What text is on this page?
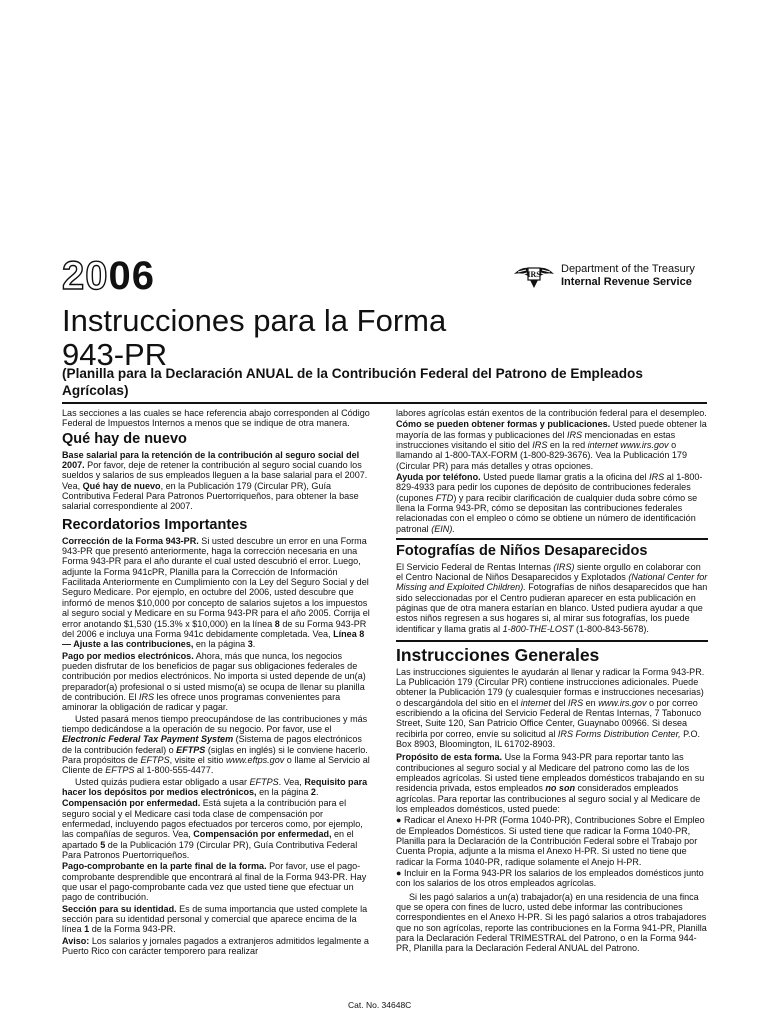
2006	IRS Department of the Treasury
Internal Revenue Service
Instrucciones para la Forma
943-PR
(Planilla para la Declaración ANUAL de la Contribución Federal del Patrono de Empleados Agrícolas)

Las secciones a las cuales se hace referencia abajo corresponden al Código Federal de Impuestos Internos a menos que se indique de otra manera.

Qué hay de nuevo

Base salarial para la retención de la contribución al seguro social del 2007. Por favor, deje de retener la contribución al seguro social cuando los sueldos y salarios de sus empleados lleguen a la base salarial para el 2007. Vea, Qué hay de nuevo, en la Publicación 179 (Circular PR), Guía Contributiva Federal Para Patronos Puertorriqueños, para obtener la base salarial correspondiente al 2007.

Recordatorios Importantes

Corrección de la Forma 943-PR. Si usted descubre un error en una Forma 943-PR que presentó anteriormente, haga la corrección necesaria en una Forma 943-PR para el año durante el cual usted descubrió el error. Luego, adjunte la Forma 941cPR, Planilla para la Corrección de Información Facilitada Anteriormente en Cumplimiento con la Ley del Seguro Social y del Seguro Medicare. Por ejemplo, en octubre del 2006, usted descubre que informó de menos $10,000 por concepto de salarios sujetos a los impuestos al seguro social y Medicare en su Forma 943-PR para el año 2005. Corrija el error anotando $1,530 (15.3% x $10,000) en la línea 8 de su Forma 943-PR del 2006 e incluya una Forma 941c debidamente completada. Vea, Línea 8 — Ajuste a las contribuciones, en la página 3.

Pago por medios electrónicos. Ahora, más que nunca, los negocios pueden disfrutar de los beneficios de pagar sus obligaciones federales de contribución por medios electrónicos. No importa si usted depende de un(a) preparador(a) profesional o si usted mismo(a) se ocupa de llenar su planilla de contribución. El IRS les ofrece unos programas convenientes para aminorar la obligación de radicar y pagar.

Usted pasará menos tiempo preocupándose de las contribuciones y más tiempo dedicándose a la operación de su negocio. Por favor, use el Electronic Federal Tax Payment System (Sistema de pagos electrónicos de la contribución federal) o EFTPS (siglas en inglés) si le conviene hacerlo. Para propósitos de EFTPS, visite el sitio www.eftps.gov o llame al Servicio al Cliente de EFTPS al 1-800-555-4477.

Usted quizás pudiera estar obligado a usar EFTPS. Vea, Requisito para hacer los depósitos por medios electrónicos, en la página 2.

Compensación por enfermedad. Está sujeta a la contribución para el seguro social y el Medicare casi toda clase de compensación por enfermedad, incluyendo pagos efectuados por terceros como, por ejemplo, las compañías de seguros. Vea, Compensación por enfermedad, en el apartado 5 de la Publicación 179 (Circular PR), Guía Contributiva Federal Para Patronos Puertorriqueños.

Pago-comprobante en la parte final de la forma. Por favor, use el pago-comprobante desprendible que encontrará al final de la Forma 943-PR. Hay que usar el pago-comprobante cada vez que usted tiene que efectuar un pago de contribución.

Sección para su identidad. Es de suma importancia que usted complete la sección para su identidad personal y comercial que aparece encima de la línea 1 de la Forma 943-PR.

Aviso: Los salarios y jornales pagados a extranjeros admitidos legalmente a Puerto Rico con carácter temporero para realizar

labores agrícolas están exentos de la contribución federal para el desempleo.

Cómo se pueden obtener formas y publicaciones. Usted puede obtener la mayoría de las formas y publicaciones del IRS mencionadas en estas instrucciones visitando el sitio del IRS en la red internet www.irs.gov o llamando al 1-800-TAX-FORM (1-800-829-3676). Vea la Publicación 179 (Circular PR) para más detalles y otras opciones.

Ayuda por teléfono. Usted puede llamar gratis a la oficina del IRS al 1-800-829-4933 para pedir los cupones de depósito de contribuciones federales (cupones FTD) y para recibir clarificación de cualquier duda sobre cómo se llena la Forma 943-PR, cómo se depositan las contribuciones federales relacionadas con el empleo o cómo se obtiene un número de identificación patronal (EIN).

Fotografías de Niños Desaparecidos

El Servicio Federal de Rentas Internas (IRS) siente orgullo en colaborar con el Centro Nacional de Niños Desaparecidos y Explotados (National Center for Missing and Exploited Children). Fotografías de niños desaparecidos que han sido seleccionadas por el Centro pudieran aparecer en esta publicación en páginas que de otra manera estarían en blanco. Usted pudiera ayudar a que estos niños regresen a sus hogares si, al mirar sus fotografías, los puede identificar y llama gratis al 1-800-THE-LOST (1-800-843-5678).

Instrucciones Generales

Las instrucciones siguientes le ayudarán al llenar y radicar la Forma 943-PR. La Publicación 179 (Circular PR) contiene instrucciones adicionales. Puede obtener la Publicación 179 (y cualesquier formas e instrucciones necesarias) o descargándola del sitio en el internet del IRS en www.irs.gov o por correo escribiendo a la oficina del Servicio Federal de Rentas Internas, 7 Tabonuco Street, Suite 120, San Patricio Office Center, Guaynabo 00966. Si desea recibirla por correo, envíe su solicitud al IRS Forms Distribution Center, P.O. Box 8903, Bloomington, IL 61702-8903.

Propósito de esta forma. Use la Forma 943-PR para reportar tanto las contribuciones al seguro social y al Medicare del patrono como las de los empleados agrícolas. Si usted tiene empleados domésticos trabajando en su residencia privada, estos empleados no son considerados empleados agrícolas. Para reportar las contribuciones al seguro social y al Medicare de los empleados domésticos, usted puede:

● Radicar el Anexo H-PR (Forma 1040-PR), Contribuciones Sobre el Empleo de Empleados Domésticos. Si usted tiene que radicar la Forma 1040-PR, Planilla para la Declaración de la Contribución Federal sobre el Trabajo por Cuenta Propia, adjunte a la misma el Anexo H-PR. Si usted no tiene que radicar la Forma 1040-PR, radique solamente el Anejo H-PR.

● Incluir en la Forma 943-PR los salarios de los empleados domésticos junto con los salarios de los otros empleados agrícolas.

Si les pagó salarios a un(a) trabajador(a) en una residencia de una finca que se opera con fines de lucro, usted debe informar las contribuciones correspondientes en el Anexo H-PR. Si les pagó salarios a otros trabajadores que no son agrícolas, reporte las contribuciones en la Forma 941-PR, Planilla para la Declaración Federal TRIMESTRAL del Patrono, o en la Forma 944-PR, Planilla para la Declaración Federal ANUAL del Patrono.

Cat. No. 34648C
